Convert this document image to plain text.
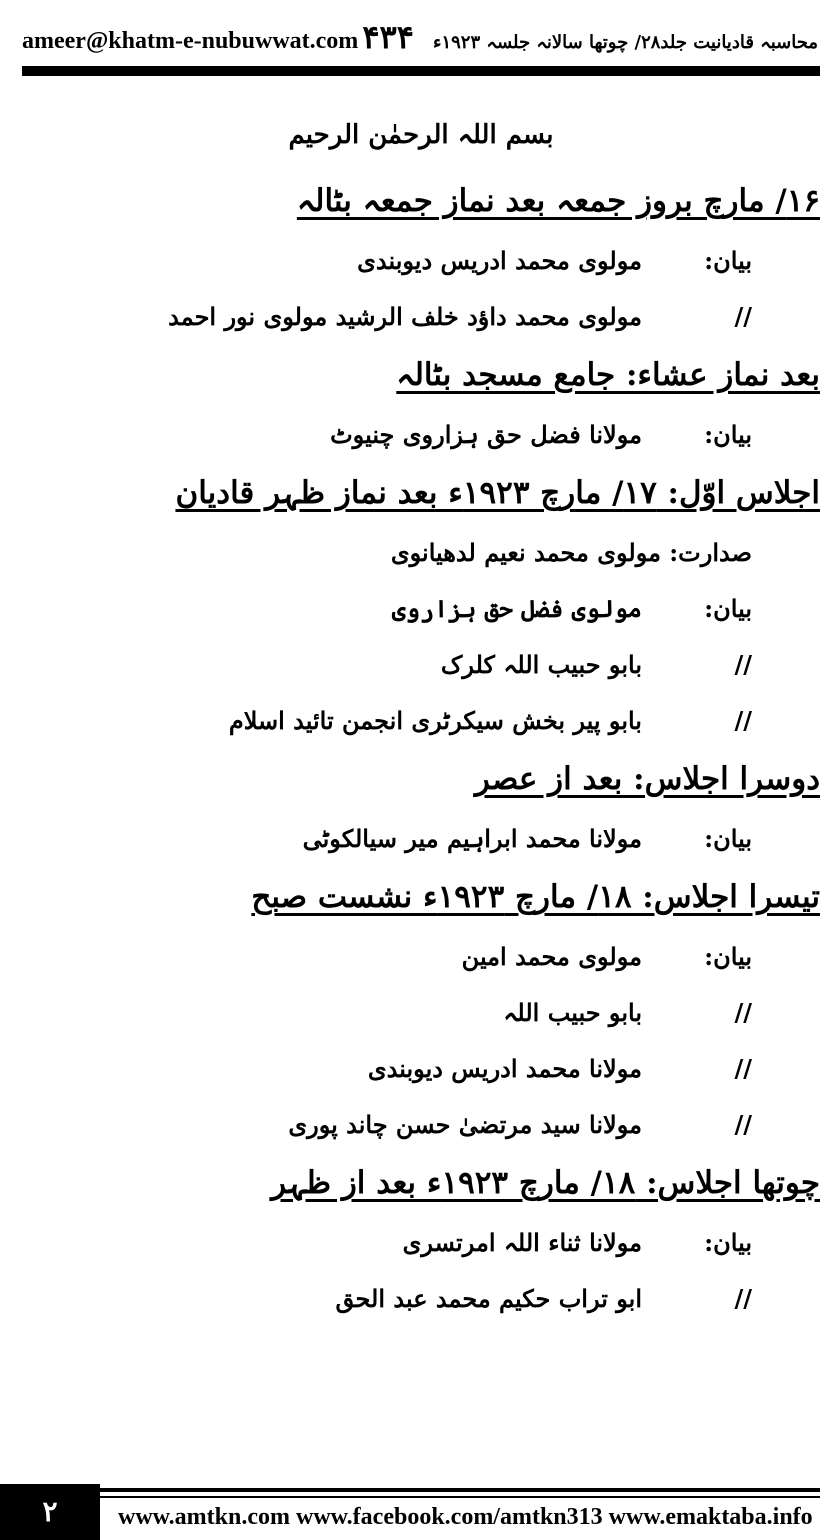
ameer@khatm-e-nubuwwat.com	محاسبہ قادیانیت جلد۲۸/ چوتھا سالانہ جلسہ ۱۹۲۳ء ۴۳۴
بسم اللہ الرحمٰن الرحیم
۱۶/ مارچ بروز جمعہ بعد نماز جمعہ بٹالہ
بیان:
مولوی محمد ادریس دیوبندی
//
مولوی محمد داؤد خلف الرشید مولوی نور احمد
بعد نماز عشاء: جامع مسجد بٹالہ
بیان:
مولانا فضل حق ہزاروی چنیوٹ
اجلاس اوّل: ۱۷/ مارچ ۱۹۲۳ء بعد نماز ظہر قادیان
صدارت: مولوی محمد نعیم لدھیانوی
بیان:
مولوی فضل حق ہزاروی
//
بابو حبیب اللہ کلرک
//
بابو پیر بخش سیکرٹری انجمن تائید اسلام
دوسرا اجلاس: بعد از عصر
بیان:
مولانا محمد ابراہیم میر سیالکوٹی
تیسرا اجلاس: ۱۸/ مارچ ۱۹۲۳ء نشست صبح
بیان:
مولوی محمد امین
//
بابو حبیب اللہ
//
مولانا محمد ادریس دیوبندی
//
مولانا سید مرتضیٰ حسن چاند پوری
چوتھا اجلاس: ۱۸/ مارچ ۱۹۲۳ء بعد از ظہر
بیان:
مولانا ثناء اللہ امرتسری
//
ابو تراب حکیم محمد عبد الحق
۲	www.amtkn.com www.facebook.com/amtkn313 www.emaktaba.info
